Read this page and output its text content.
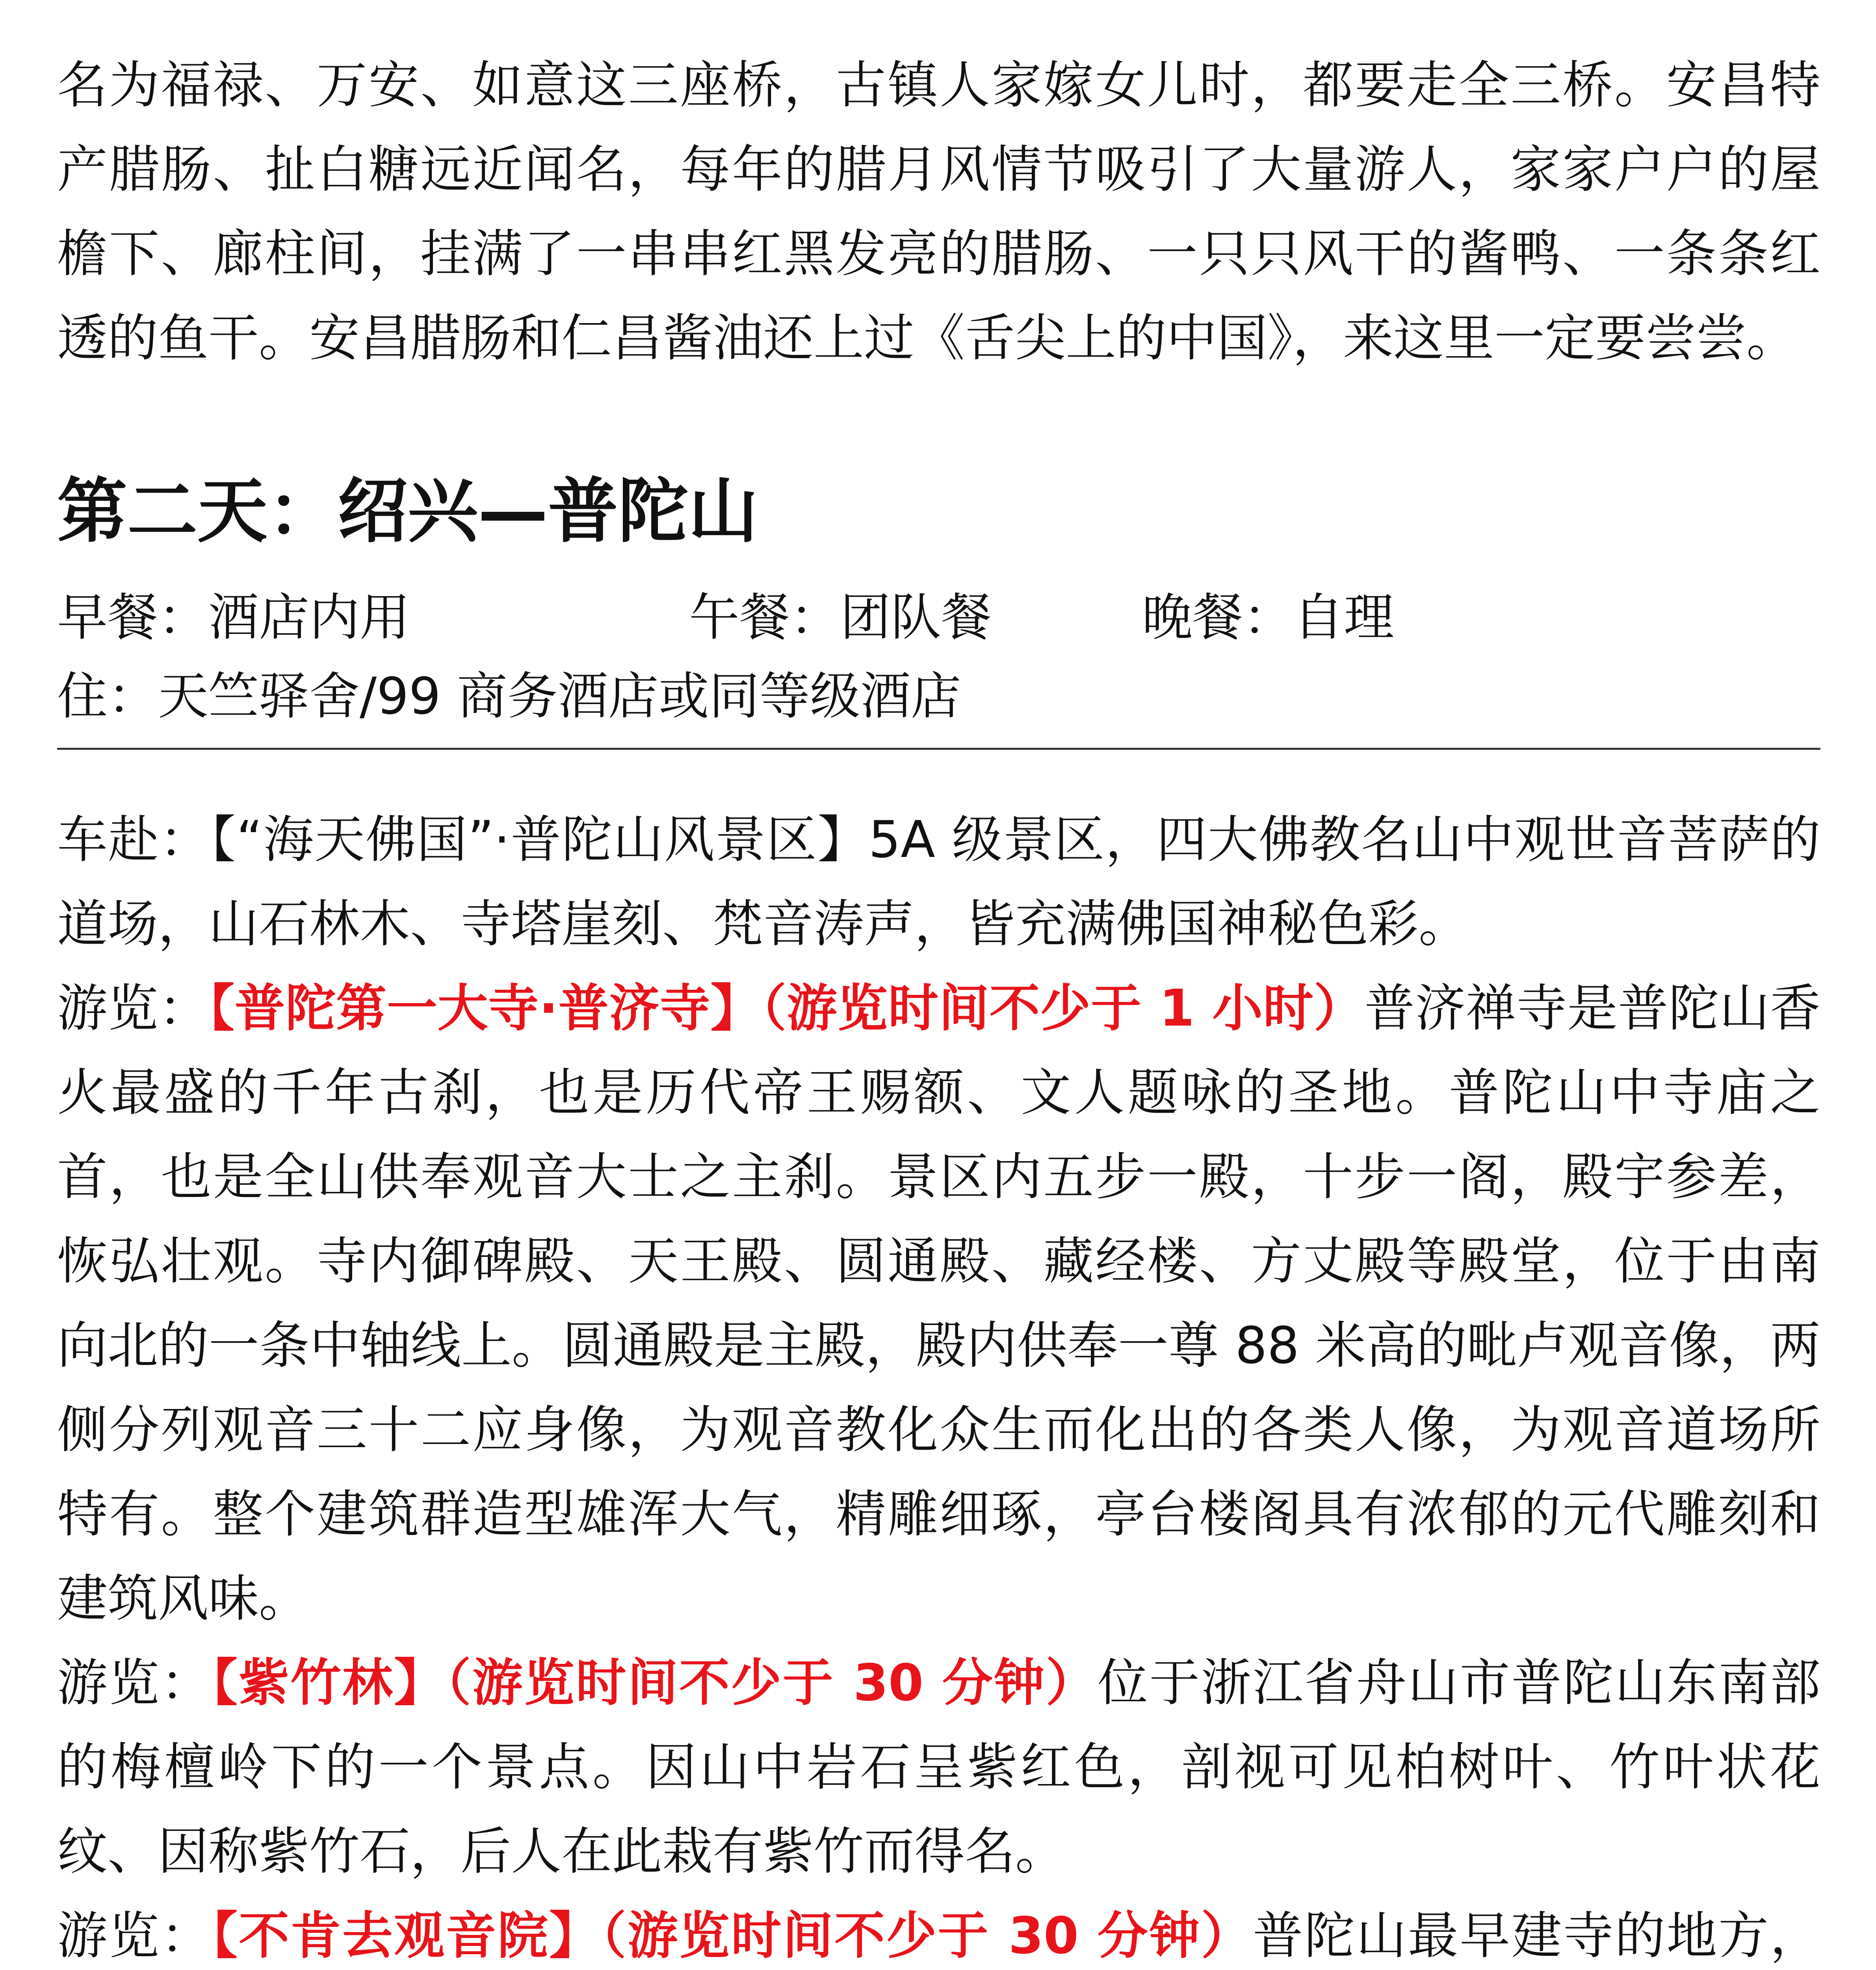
名为福禄、万安、如意这三座桥，古镇人家嫁女儿时，都要走全三桥。安昌特产腊肠、扯白糖远近闻名，每年的腊月风情节吸引了大量游人，家家户户的屋檐下、廊柱间，挂满了一串串红黑发亮的腊肠、一只只风干的酱鸭、一条条红透的鱼干。安昌腊肠和仁昌酱油还上过《舌尖上的中国》，来这里一定要尝尝。

第二天：绍兴—普陀山
早餐：酒店内用	午餐：团队餐	晚餐：自理
住：天竺驿舍/99 商务酒店或同等级酒店

车赴：【“海天佛国”·普陀山风景区】5A 级景区，四大佛教名山中观世音菩萨的道场，山石林木、寺塔崖刻、梵音涛声，皆充满佛国神秘色彩。

游览：【普陀第一大寺·普济寺】（游览时间不少于 1 小时）普济禅寺是普陀山香火最盛的千年古刹，也是历代帝王赐额、文人题咏的圣地。普陀山中寺庙之首，也是全山供奉观音大士之主刹。景区内五步一殿，十步一阁，殿宇参差，恢弘壮观。寺内御碑殿、天王殿、圆通殿、藏经楼、方丈殿等殿堂，位于由南向北的一条中轴线上。圆通殿是主殿，殿内供奉一尊 88 米高的毗卢观音像，两侧分列观音三十二应身像，为观音教化众生而化出的各类人像，为观音道场所特有。整个建筑群造型雄浑大气，精雕细琢，亭台楼阁具有浓郁的元代雕刻和建筑风味。

游览：【紫竹林】（游览时间不少于 30 分钟）位于浙江省舟山市普陀山东南部的梅檀岭下的一个景点。因山中岩石呈紫红色，剖视可见柏树叶、竹叶状花纹、因称紫竹石，后人在此栽有紫竹而得名。

游览：【不肯去观音院】（游览时间不少于 30 分钟）普陀山最早建寺的地方，
